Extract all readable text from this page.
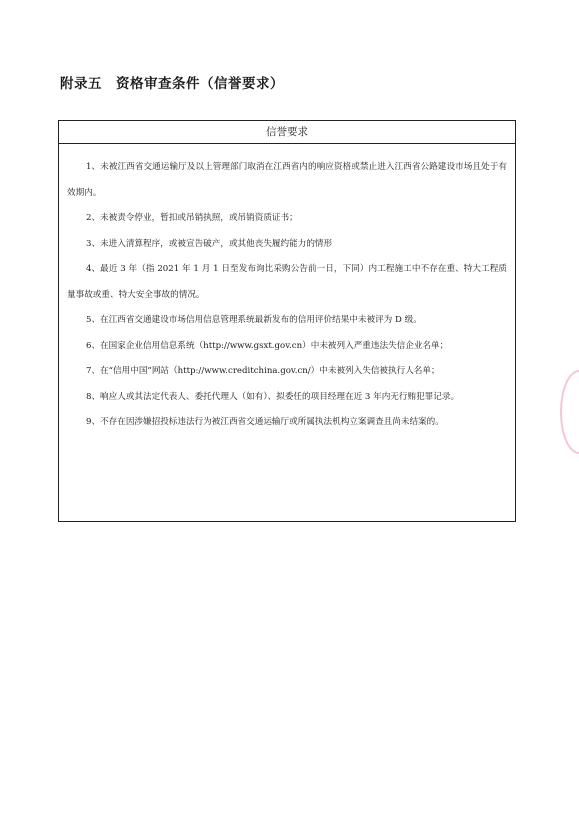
附录五 资格审查条件（信誉要求）
信誉要求

1、未被江西省交通运输厅及以上管理部门取消在江西省内的响应资格或禁止进入江西省公路建设市场且处于有效期内。

2、未被责令停业，暂扣或吊销执照，或吊销资质证书；

3、未进入清算程序，或被宣告破产，或其他丧失履约能力的情形

4、最近 3 年（指 2021 年 1 月 1 日至发布询比采购公告前一日，下同）内工程施工中不存在重、特大工程质量事故或重、特大安全事故的情况。

5、在江西省交通建设市场信用信息管理系统最新发布的信用评价结果中未被评为 D 级。

6、在国家企业信用信息系统（http://www.gsxt.gov.cn）中未被列入严重违法失信企业名单；

7、在“信用中国”网站（http://www.creditchina.gov.cn/）中未被列入失信被执行人名单；

8、响应人或其法定代表人、委托代理人（如有）、拟委任的项目经理在近 3 年内无行贿犯罪记录。

9、不存在因涉嫌招投标违法行为被江西省交通运输厅或所属执法机构立案调查且尚未结案的。
